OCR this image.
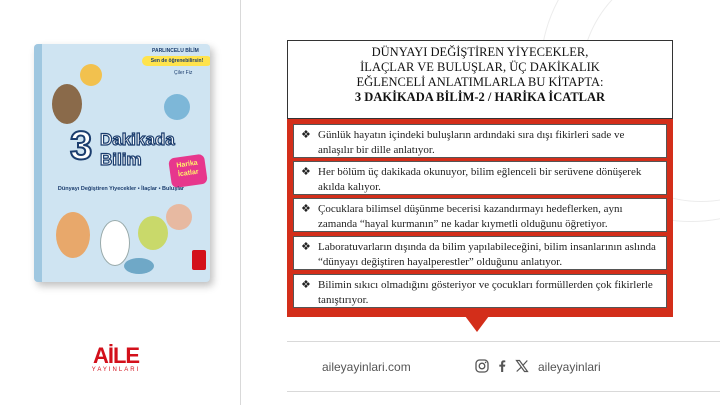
PARLINCELU BİLİM
Sen de öğrenebilirsin!
Çiler Fiz
3 Dakikada
Bilim	Harika
İcatlar
Dünyayı Değiştiren Yiyecekler • İlaçlar • Buluşlar
AİLE
YAYINLARI
DÜNYAYI DEĞİŞTİREN YİYECEKLER,
İLAÇLAR VE BULUŞLAR, ÜÇ DAKİKALIK
EĞLENCELİ ANLATIMLARLA BU KİTAPTA:
3 DAKİKADA BİLİM-2 / HARİKA İCATLAR
❖ Günlük hayatın içindeki buluşların ardındaki sıra dışı fikirleri sade ve anlaşılır bir dille anlatıyor.
❖ Her bölüm üç dakikada okunuyor, bilim eğlenceli bir serüvene dönüşerek akılda kalıyor.
❖ Çocuklara bilimsel düşünme becerisi kazandırmayı hedeflerken, aynı zamanda “hayal kurmanın” ne kadar kıymetli olduğunu öğretiyor.
❖ Laboratuvarların dışında da bilim yapılabileceğini, bilim insanlarının aslında “dünyayı değiştiren hayalperestler” olduğunu anlatıyor.
❖ Bilimin sıkıcı olmadığını gösteriyor ve çocukları formüllerden çok fikirlerle tanıştırıyor.
aileyayinlari.com	aileyayinlari
